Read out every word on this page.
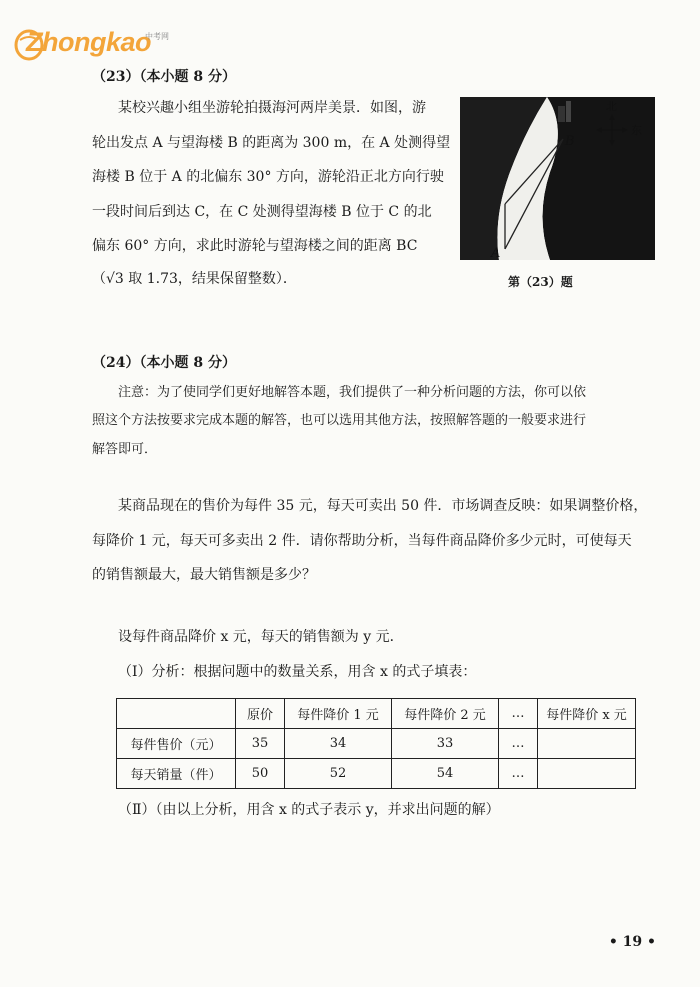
Zhongkao
中考网
（23）（本小题 8 分）
某校兴趣小组坐游轮拍摄海河两岸美景．如图，游
轮出发点 A 与望海楼 B 的距离为 300 m，在 A 处测得望
海楼 B 位于 A 的北偏东 30° 方向，游轮沿正北方向行驶
一段时间后到达 C，在 C 处测得望海楼 B 位于 C 的北
偏东 60° 方向，求此时游轮与望海楼之间的距离 BC
（√3 取 1.73，结果保留整数）．
B
A
北
东
第（23）题
（24）（本小题 8 分）
注意：为了使同学们更好地解答本题，我们提供了一种分析问题的方法，你可以依
照这个方法按要求完成本题的解答，也可以选用其他方法，按照解答题的一般要求进行
解答即可．
某商品现在的售价为每件 35 元，每天可卖出 50 件．市场调查反映：如果调整价格，
每降价 1 元，每天可多卖出 2 件．请你帮助分析，当每件商品降价多少元时，可使每天
的销售额最大，最大销售额是多少？
设每件商品降价 x 元，每天的销售额为 y 元．
（Ⅰ）分析：根据问题中的数量关系，用含 x 的式子填表：
	原价	每件降价 1 元	每件降价 2 元	…	每件降价 x 元
每件售价（元）	35	34	33	…	
每天销量（件）	50	52	54	…	
（Ⅱ）（由以上分析，用含 x 的式子表示 y，并求出问题的解）
• 19 •
